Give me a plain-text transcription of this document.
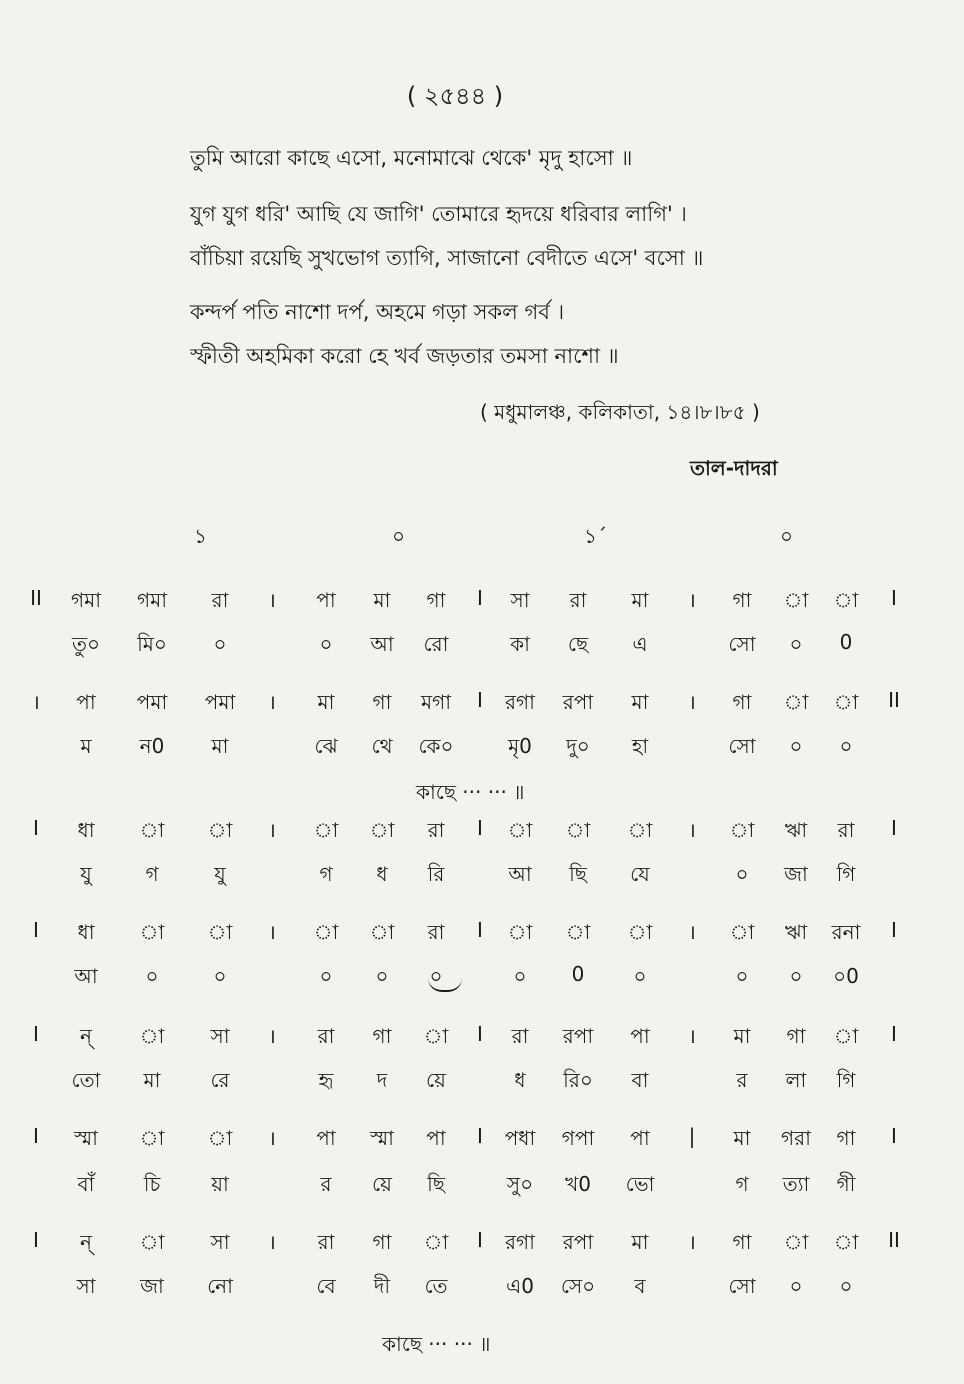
( ২৫৪৪ )
তুমি আরো কাছে এসো, মনোমাঝে থেকে' মৃদু হাসো ॥
যুগ যুগ ধরি' আছি যে জাগি' তোমারে হৃদয়ে ধরিবার লাগি' ।
বাঁচিয়া রয়েছি সুখভোগ ত্যাগি, সাজানো বেদীতে এসে' বসো ॥
কন্দর্প পতি নাশো দর্প, অহমে গড়া সকল গর্ব ।
স্ফীতী অহমিকা করো হে খর্ব জড়তার তমসা নাশো ॥
( মধুমালঞ্চ, কলিকাতা, ১৪।৮।৮৫ )
তাল-দাদরা
১	০	১´	০
II গমা গমা রা । পা মা গা I সা রা মা । গা া া I
তু০ মি০ ০	০ আ রো	কা ছে এ	সো ০ 0
। পা পমা পমা । মা গা মগা I রগা রপা মা । গা া া II
ম ন0 মা	ঝে থে কে০	মৃ0 দু০ হা	সো ০ ০
কাছে ··· ··· ॥
I ধা া া । া া রা I া া া । া ঋা রা I
যু	গ	যু	গ ধ রি	আ ছি যে	০ জা গি
I ধা া া । া া রা I া া া । া ঋা রনা I
আ ০	০	০ ০ ০	০ 0 ০	০ ০ ০0
I ন্ া সা । রা গা া I রা রপা পা । মা গা া I
তো মা রে	হৃ দ য়ে	ধ রি০ বা	র লা গি
I স্মা া া । পা স্মা পা I পধা গপা পা | মা গরা গা I
বাঁ চি	য়া	র য়ে ছি	সু০ খ0 ভো	গ ত্যা গী
I ন্ া সা । রা গা া I রগা রপা মা । গা া া II
সা জা নো	বে দী তে	এ0 সে০ ব	সো ০ ০
কাছে ··· ··· ॥
